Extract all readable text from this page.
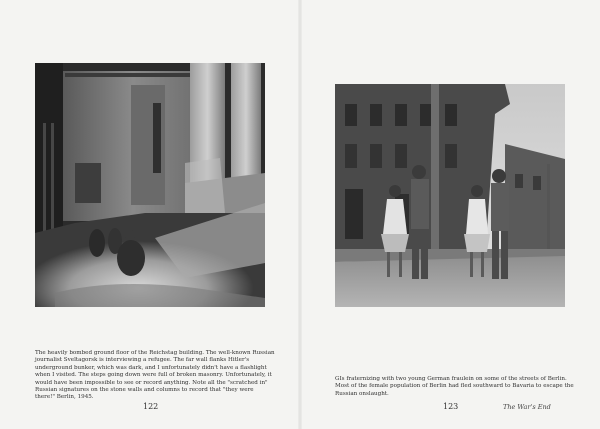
The heavily bombed ground floor of the Reichstag building. The well-known Russian journalist Sveltagorsk is interviewing a refugee. The far wall flanks Hitler's underground bunker, which was dark, and I unfortunately didn't have a flashlight when I visited. The steps going down were full of broken masonry. Unfortunately, it would have been impossible to see or record anything. Note all the "scratched in" Russian signatures on the stone walls and columns to record that "they were there!" Berlin, 1945.

122

GIs fraternizing with two young German fraulein on some of the streets of Berlin. Most of the female population of Berlin had fled southward to Bavaria to escape the Russian onslaught.

123	The War's End
